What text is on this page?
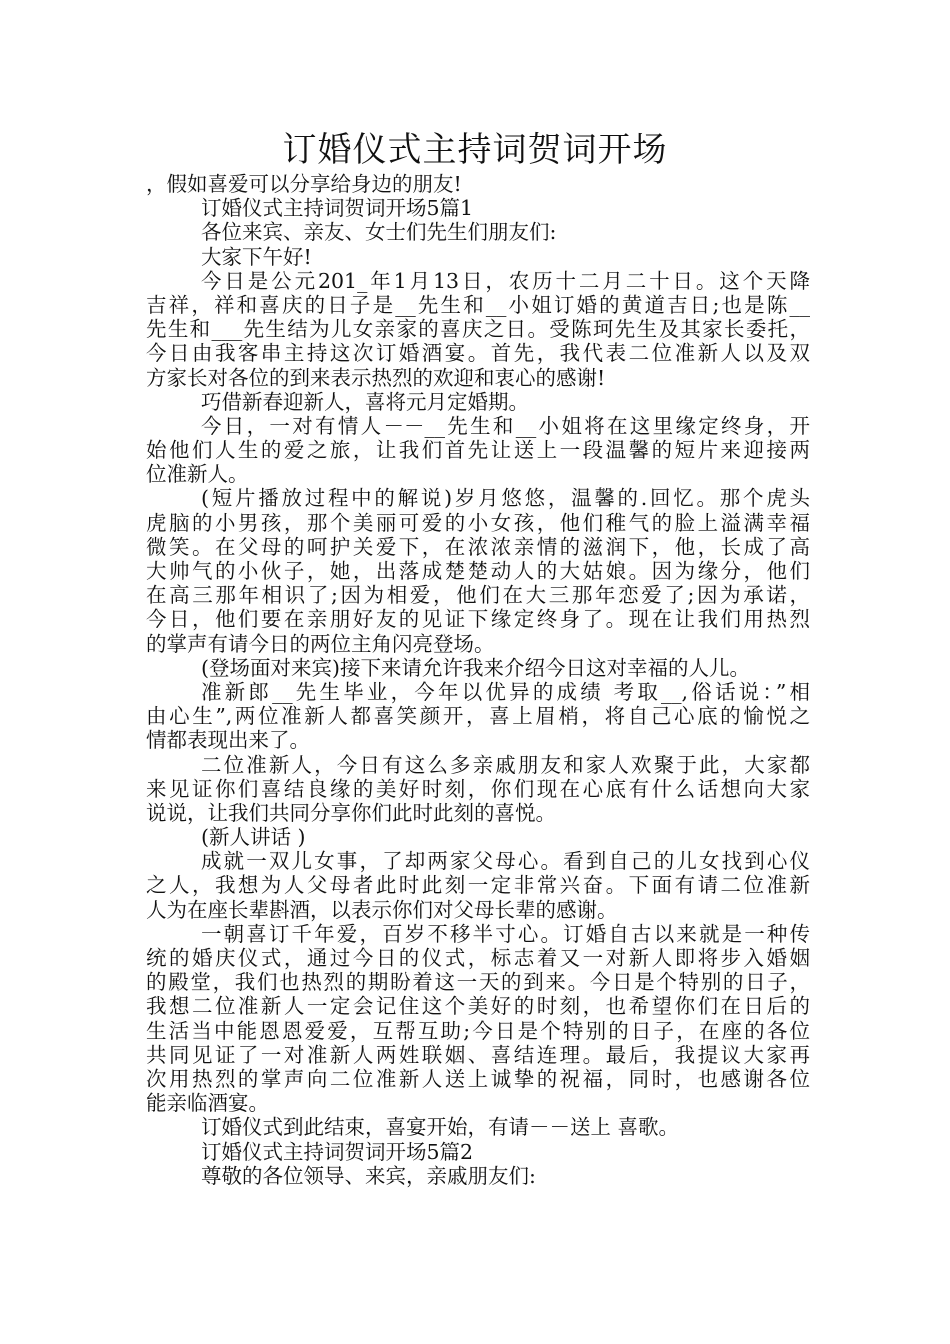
订婚仪式主持词贺词开场
，假如喜爱可以分享给身边的朋友!
订婚仪式主持词贺词开场5篇1
各位来宾、亲友、女士们先生们朋友们:
大家下午好!
今日是公元201_年1月13日，农历十二月二十日。这个天降
吉祥，祥和喜庆的日子是__先生和__小姐订婚的黄道吉日;也是陈__
先生和___先生结为儿女亲家的喜庆之日。受陈珂先生及其家长委托，
今日由我客串主持这次订婚酒宴。首先，我代表二位准新人以及双
方家长对各位的到来表示热烈的欢迎和衷心的感谢!
巧借新春迎新人，喜将元月定婚期。
今日，一对有情人－－__先生和__小姐将在这里缘定终身，开
始他们人生的爱之旅，让我们首先让送上一段温馨的短片来迎接两
位准新人。
(短片播放过程中的解说)岁月悠悠，温馨的.回忆。那个虎头
虎脑的小男孩，那个美丽可爱的小女孩，他们稚气的脸上溢满幸福
微笑。在父母的呵护关爱下，在浓浓亲情的滋润下，他，长成了高
大帅气的小伙子，她，出落成楚楚动人的大姑娘。因为缘分，他们
在高三那年相识了;因为相爱，他们在大三那年恋爱了;因为承诺，
今日，他们要在亲朋好友的见证下缘定终身了。现在让我们用热烈
的掌声有请今日的两位主角闪亮登场。
(登场面对来宾)接下来请允许我来介绍今日这对幸福的人儿。
准新郎__先生毕业，今年以优异的成绩 考取__,俗话说：”相
由心生”,两位准新人都喜笑颜开，喜上眉梢，将自己心底的愉悦之
情都表现出来了。
二位准新人，今日有这么多亲戚朋友和家人欢聚于此，大家都
来见证你们喜结良缘的美好时刻，你们现在心底有什么话想向大家
说说，让我们共同分享你们此时此刻的喜悦。
(新人讲话 )
成就一双儿女事，了却两家父母心。看到自己的儿女找到心仪
之人，我想为人父母者此时此刻一定非常兴奋。下面有请二位准新
人为在座长辈斟酒，以表示你们对父母长辈的感谢。
一朝喜订千年爱，百岁不移半寸心。订婚自古以来就是一种传
统的婚庆仪式，通过今日的仪式，标志着又一对新人即将步入婚姻
的殿堂，我们也热烈的期盼着这一天的到来。今日是个特别的日子，
我想二位准新人一定会记住这个美好的时刻，也希望你们在日后的
生活当中能恩恩爱爱，互帮互助;今日是个特别的日子，在座的各位
共同见证了一对准新人两姓联姻、喜结连理。最后，我提议大家再
次用热烈的掌声向二位准新人送上诚挚的祝福，同时，也感谢各位
能亲临酒宴。
订婚仪式到此结束，喜宴开始，有请－－送上 喜歌。
订婚仪式主持词贺词开场5篇2
尊敬的各位领导、来宾，亲戚朋友们:
